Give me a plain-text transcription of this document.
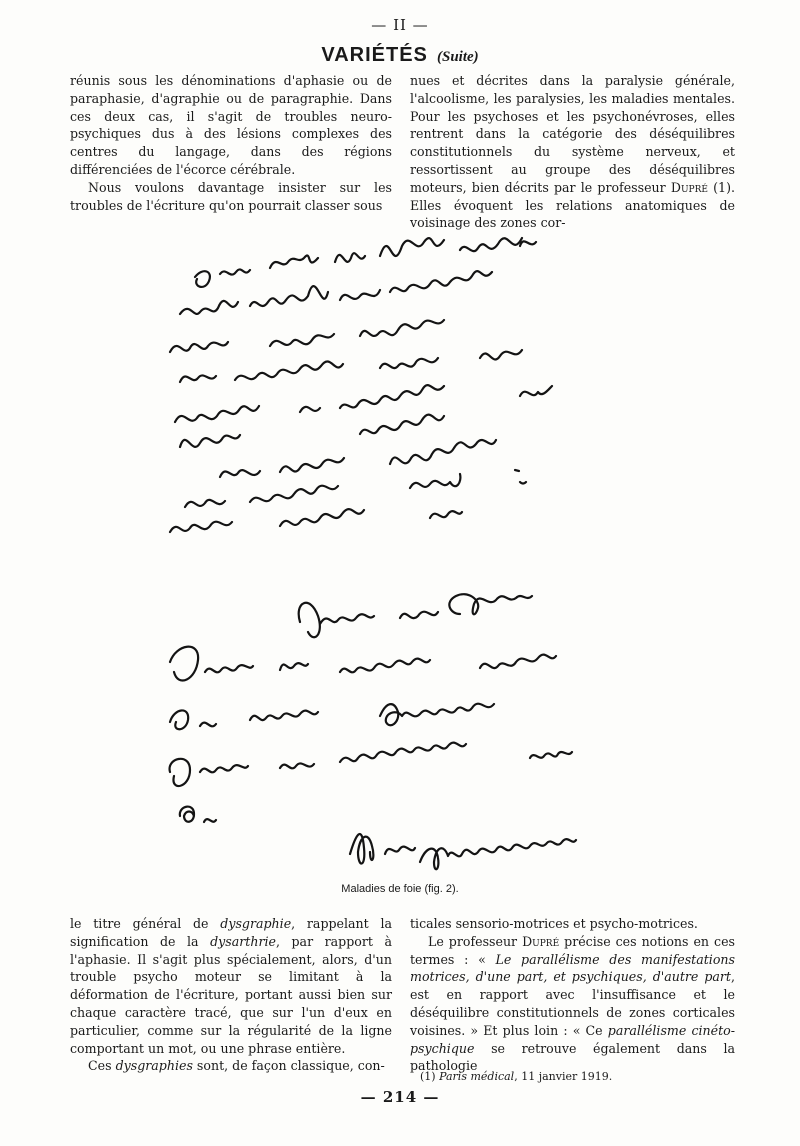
— II —
VARIÉTÉS (Suite)

réunis sous les dénominations d'aphasie ou de paraphasie, d'agraphie ou de paragraphie. Dans ces deux cas, il s'agit de troubles neuro-psychiques dus à des lésions complexes des centres du langage, dans des régions différenciées de l'écorce cérébrale.

Nous voulons davantage insister sur les troubles de l'écriture qu'on pourrait classer sous

nues et décrites dans la paralysie générale, l'alcoolisme, les paralysies, les maladies mentales. Pour les psychoses et les psychonévroses, elles rentrent dans la catégorie des déséquilibres constitutionnels du système nerveux, et ressortissent au groupe des déséquilibres moteurs, bien décrits par le professeur Dupré (1). Elles évoquent les relations anatomiques de voisinage des zones cor-

Maladies de foie (fig. 2).

le titre général de dysgraphie, rappelant la signification de la dysarthrie, par rapport à l'aphasie. Il s'agit plus spécialement, alors, d'un trouble psycho moteur se limitant à la déformation de l'écriture, portant aussi bien sur chaque caractère tracé, que sur l'un d'eux en particulier, comme sur la régularité de la ligne comportant un mot, ou une phrase entière.

Ces dysgraphies sont, de façon classique, con-

ticales sensorio-motrices et psycho-motrices.

Le professeur Dupré précise ces notions en ces termes : « Le parallélisme des manifestations motrices, d'une part, et psychiques, d'autre part, est en rapport avec l'insuffisance et le déséquilibre constitutionnels de zones corticales voisines. » Et plus loin : « Ce parallélisme cinéto-psychique se retrouve également dans la pathologie

(1) Paris médical, 11 janvier 1919.
— 214 —
